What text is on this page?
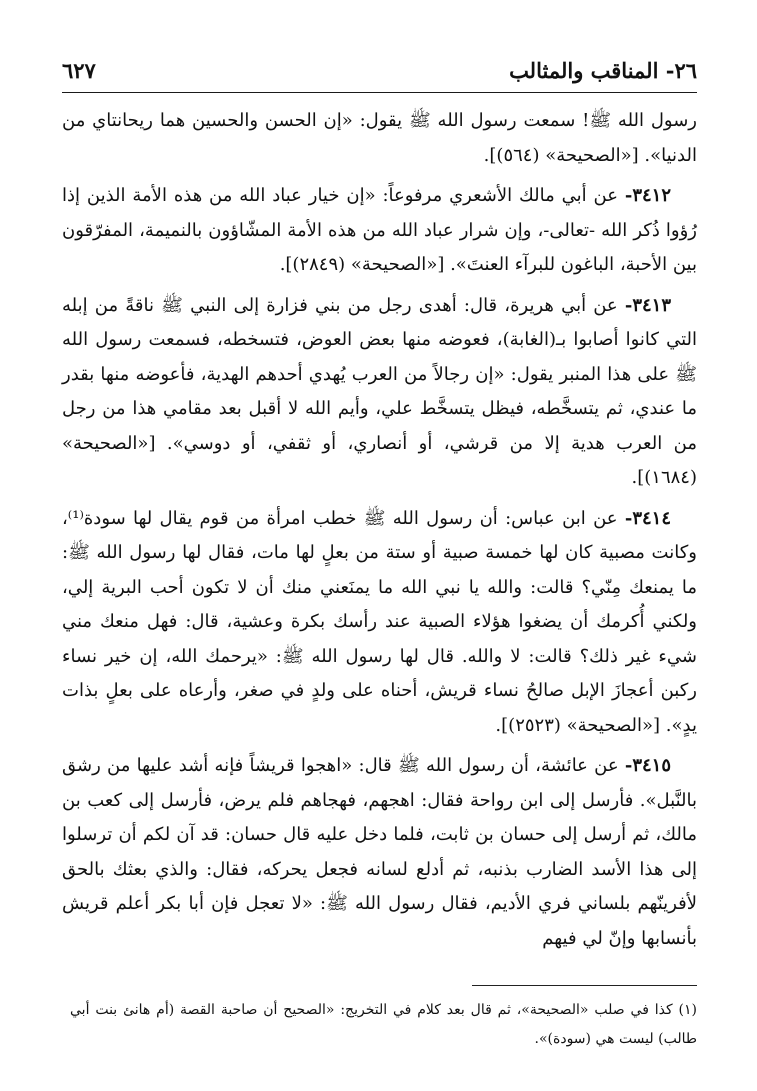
٢٦- المناقب والمثالب
٦٢٧

رسول الله ﷺ! سمعت رسول الله ﷺ يقول: «إن الحسن والحسين هما ريحانتاي من الدنيا». [«الصحيحة» (٥٦٤)].

٣٤١٢- عن أبي مالك الأشعري مرفوعاً: «إن خيار عباد الله من هذه الأمة الذين إذا رُؤوا ذُكر الله -تعالى-، وإن شرار عباد الله من هذه الأمة المشّاؤون بالنميمة، المفرّقون بين الأحبة، الباغون للبرآء العنتَ». [«الصحيحة» (٢٨٤٩)].

٣٤١٣- عن أبي هريرة، قال: أهدى رجل من بني فزارة إلى النبي ﷺ ناقةً من إبله التي كانوا أصابوا بـ(الغابة)، فعوضه منها بعض العوض، فتسخطه، فسمعت رسول الله ﷺ على هذا المنبر يقول: «إن رجالاً من العرب يُهدي أحدهم الهدية، فأعوضه منها بقدر ما عندي، ثم يتسخَّطه، فيظل يتسخَّط علي، وأيم الله لا أقبل بعد مقامي هذا من رجل من العرب هدية إلا من قرشي، أو أنصاري، أو ثقفي، أو دوسي». [«الصحيحة» (١٦٨٤)].

٣٤١٤- عن ابن عباس: أن رسول الله ﷺ خطب امرأة من قوم يقال لها سودة⁽¹⁾، وكانت مصبية كان لها خمسة صبية أو ستة من بعلٍ لها مات، فقال لها رسول الله ﷺ: ما يمنعك مِنّي؟ قالت: والله يا نبي الله ما يمنَعني منك أن لا تكون أحب البرية إلي، ولكني أُكرمك أن يضغوا هؤلاء الصبية عند رأسك بكرة وعشية، قال: فهل منعك مني شيء غير ذلك؟ قالت: لا والله. قال لها رسول الله ﷺ: «يرحمك الله، إن خير نساء ركبن أعجازَ الإبل صالحُ نساء قريش، أحناه على ولدٍ في صغر، وأرعاه على بعلٍ بذات يدٍ». [«الصحيحة» (٢٥٢٣)].

٣٤١٥- عن عائشة، أن رسول الله ﷺ قال: «اهجوا قريشاً فإنه أشد عليها من رشق بالنَّبل». فأرسل إلى ابن رواحة فقال: اهجهم، فهجاهم فلم يرض، فأرسل إلى كعب بن مالك، ثم أرسل إلى حسان بن ثابت، فلما دخل عليه قال حسان: قد آن لكم أن ترسلوا إلى هذا الأسد الضارب بذنبه، ثم أدلع لسانه فجعل يحركه، فقال: والذي بعثك بالحق لأفرينّهم بلساني فري الأديم، فقال رسول الله ﷺ: «لا تعجل فإن أبا بكر أعلم قريش بأنسابها وإنّ لي فيهم

(١) كذا في صلب «الصحيحة»، ثم قال بعد كلام في التخريج: «الصحيح أن صاحبة القصة (أم هانئ بنت أبي طالب) ليست هي (سودة)».
